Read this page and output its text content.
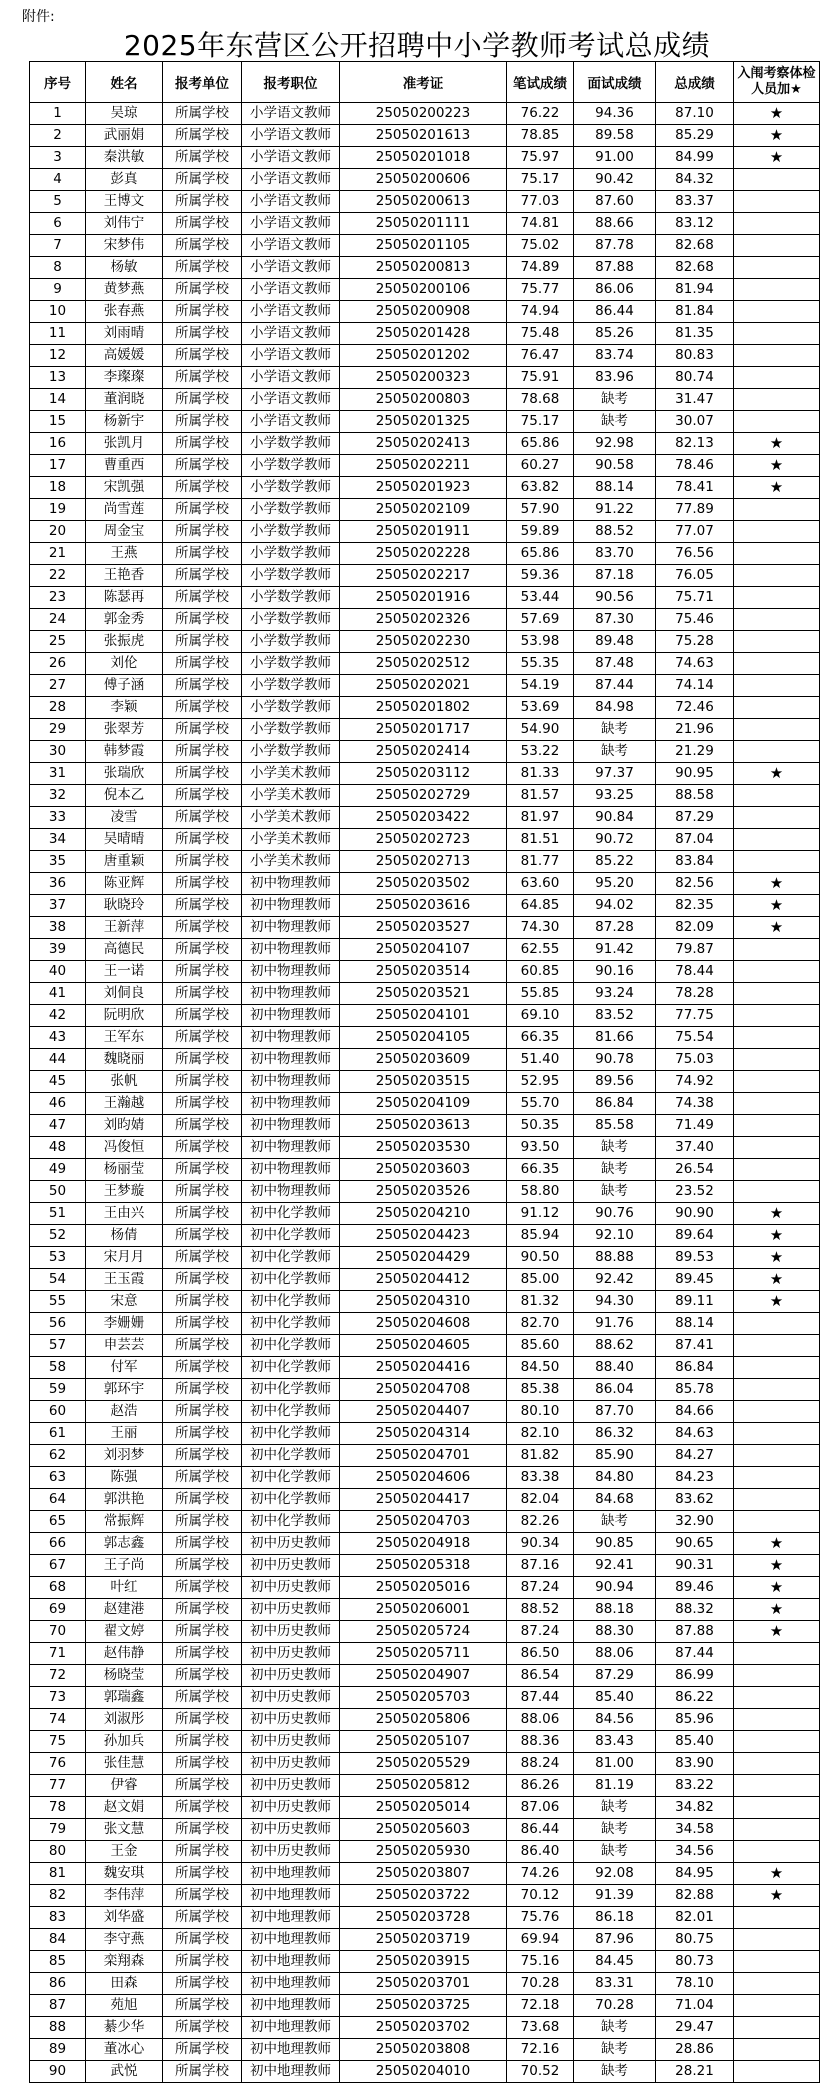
附件:
2025年东营区公开招聘中小学教师考试总成绩
序号	姓名	报考单位	报考职位	准考证	笔试成绩	面试成绩	总成绩	入闱考察体检人员加★
1	吴琼	所属学校	小学语文教师	25050200223	76.22	94.36	87.10	★
2	武丽娟	所属学校	小学语文教师	25050201613	78.85	89.58	85.29	★
3	秦洪敏	所属学校	小学语文教师	25050201018	75.97	91.00	84.99	★
4	彭真	所属学校	小学语文教师	25050200606	75.17	90.42	84.32	
5	王博文	所属学校	小学语文教师	25050200613	77.03	87.60	83.37	
6	刘伟宁	所属学校	小学语文教师	25050201111	74.81	88.66	83.12	
7	宋梦伟	所属学校	小学语文教师	25050201105	75.02	87.78	82.68	
8	杨敏	所属学校	小学语文教师	25050200813	74.89	87.88	82.68	
9	黄梦燕	所属学校	小学语文教师	25050200106	75.77	86.06	81.94	
10	张春燕	所属学校	小学语文教师	25050200908	74.94	86.44	81.84	
11	刘雨晴	所属学校	小学语文教师	25050201428	75.48	85.26	81.35	
12	高媛媛	所属学校	小学语文教师	25050201202	76.47	83.74	80.83	
13	李璨璨	所属学校	小学语文教师	25050200323	75.91	83.96	80.74	
14	董润晓	所属学校	小学语文教师	25050200803	78.68	缺考	31.47	
15	杨新宇	所属学校	小学语文教师	25050201325	75.17	缺考	30.07	
16	张凯月	所属学校	小学数学教师	25050202413	65.86	92.98	82.13	★
17	曹重西	所属学校	小学数学教师	25050202211	60.27	90.58	78.46	★
18	宋凯强	所属学校	小学数学教师	25050201923	63.82	88.14	78.41	★
19	尚雪莲	所属学校	小学数学教师	25050202109	57.90	91.22	77.89	
20	周金宝	所属学校	小学数学教师	25050201911	59.89	88.52	77.07	
21	王燕	所属学校	小学数学教师	25050202228	65.86	83.70	76.56	
22	王艳香	所属学校	小学数学教师	25050202217	59.36	87.18	76.05	
23	陈瑟再	所属学校	小学数学教师	25050201916	53.44	90.56	75.71	
24	郭金秀	所属学校	小学数学教师	25050202326	57.69	87.30	75.46	
25	张振虎	所属学校	小学数学教师	25050202230	53.98	89.48	75.28	
26	刘伦	所属学校	小学数学教师	25050202512	55.35	87.48	74.63	
27	傅子涵	所属学校	小学数学教师	25050202021	54.19	87.44	74.14	
28	李颖	所属学校	小学数学教师	25050201802	53.69	84.98	72.46	
29	张翠芳	所属学校	小学数学教师	25050201717	54.90	缺考	21.96	
30	韩梦霞	所属学校	小学数学教师	25050202414	53.22	缺考	21.29	
31	张瑞欣	所属学校	小学美术教师	25050203112	81.33	97.37	90.95	★
32	倪本乙	所属学校	小学美术教师	25050202729	81.57	93.25	88.58	
33	凌雪	所属学校	小学美术教师	25050203422	81.97	90.84	87.29	
34	吴晴晴	所属学校	小学美术教师	25050202723	81.51	90.72	87.04	
35	唐重颖	所属学校	小学美术教师	25050202713	81.77	85.22	83.84	
36	陈亚辉	所属学校	初中物理教师	25050203502	63.60	95.20	82.56	★
37	耿晓玲	所属学校	初中物理教师	25050203616	64.85	94.02	82.35	★
38	王新萍	所属学校	初中物理教师	25050203527	74.30	87.28	82.09	★
39	高德民	所属学校	初中物理教师	25050204107	62.55	91.42	79.87	
40	王一诺	所属学校	初中物理教师	25050203514	60.85	90.16	78.44	
41	刘侗良	所属学校	初中物理教师	25050203521	55.85	93.24	78.28	
42	阮明欣	所属学校	初中物理教师	25050204101	69.10	83.52	77.75	
43	王军东	所属学校	初中物理教师	25050204105	66.35	81.66	75.54	
44	魏晓丽	所属学校	初中物理教师	25050203609	51.40	90.78	75.03	
45	张帆	所属学校	初中物理教师	25050203515	52.95	89.56	74.92	
46	王瀚越	所属学校	初中物理教师	25050204109	55.70	86.84	74.38	
47	刘昀婧	所属学校	初中物理教师	25050203613	50.35	85.58	71.49	
48	冯俊恒	所属学校	初中物理教师	25050203530	93.50	缺考	37.40	
49	杨丽莹	所属学校	初中物理教师	25050203603	66.35	缺考	26.54	
50	王梦璇	所属学校	初中物理教师	25050203526	58.80	缺考	23.52	
51	王由兴	所属学校	初中化学教师	25050204210	91.12	90.76	90.90	★
52	杨倩	所属学校	初中化学教师	25050204423	85.94	92.10	89.64	★
53	宋月月	所属学校	初中化学教师	25050204429	90.50	88.88	89.53	★
54	王玉霞	所属学校	初中化学教师	25050204412	85.00	92.42	89.45	★
55	宋意	所属学校	初中化学教师	25050204310	81.32	94.30	89.11	★
56	李姗姗	所属学校	初中化学教师	25050204608	82.70	91.76	88.14	
57	申芸芸	所属学校	初中化学教师	25050204605	85.60	88.62	87.41	
58	付军	所属学校	初中化学教师	25050204416	84.50	88.40	86.84	
59	郭环宇	所属学校	初中化学教师	25050204708	85.38	86.04	85.78	
60	赵浩	所属学校	初中化学教师	25050204407	80.10	87.70	84.66	
61	王丽	所属学校	初中化学教师	25050204314	82.10	86.32	84.63	
62	刘羽梦	所属学校	初中化学教师	25050204701	81.82	85.90	84.27	
63	陈强	所属学校	初中化学教师	25050204606	83.38	84.80	84.23	
64	郭洪艳	所属学校	初中化学教师	25050204417	82.04	84.68	83.62	
65	常振辉	所属学校	初中化学教师	25050204703	82.26	缺考	32.90	
66	郭志鑫	所属学校	初中历史教师	25050204918	90.34	90.85	90.65	★
67	王子尚	所属学校	初中历史教师	25050205318	87.16	92.41	90.31	★
68	叶红	所属学校	初中历史教师	25050205016	87.24	90.94	89.46	★
69	赵建港	所属学校	初中历史教师	25050206001	88.52	88.18	88.32	★
70	翟文婷	所属学校	初中历史教师	25050205724	87.24	88.30	87.88	★
71	赵伟静	所属学校	初中历史教师	25050205711	86.50	88.06	87.44	
72	杨晓莹	所属学校	初中历史教师	25050204907	86.54	87.29	86.99	
73	郭瑞鑫	所属学校	初中历史教师	25050205703	87.44	85.40	86.22	
74	刘淑彤	所属学校	初中历史教师	25050205806	88.06	84.56	85.96	
75	孙加兵	所属学校	初中历史教师	25050205107	88.36	83.43	85.40	
76	张佳慧	所属学校	初中历史教师	25050205529	88.24	81.00	83.90	
77	伊睿	所属学校	初中历史教师	25050205812	86.26	81.19	83.22	
78	赵文娟	所属学校	初中历史教师	25050205014	87.06	缺考	34.82	
79	张文慧	所属学校	初中历史教师	25050205603	86.44	缺考	34.58	
80	王金	所属学校	初中历史教师	25050205930	86.40	缺考	34.56	
81	魏安琪	所属学校	初中地理教师	25050203807	74.26	92.08	84.95	★
82	李伟萍	所属学校	初中地理教师	25050203722	70.12	91.39	82.88	★
83	刘华盛	所属学校	初中地理教师	25050203728	75.76	86.18	82.01	
84	李守燕	所属学校	初中地理教师	25050203719	69.94	87.96	80.75	
85	栾翔森	所属学校	初中地理教师	25050203915	75.16	84.45	80.73	
86	田森	所属学校	初中地理教师	25050203701	70.28	83.31	78.10	
87	苑旭	所属学校	初中地理教师	25050203725	72.18	70.28	71.04	
88	綦少华	所属学校	初中地理教师	25050203702	73.68	缺考	29.47	
89	董冰心	所属学校	初中地理教师	25050203808	72.16	缺考	28.86	
90	武悦	所属学校	初中地理教师	25050204010	70.52	缺考	28.21	
